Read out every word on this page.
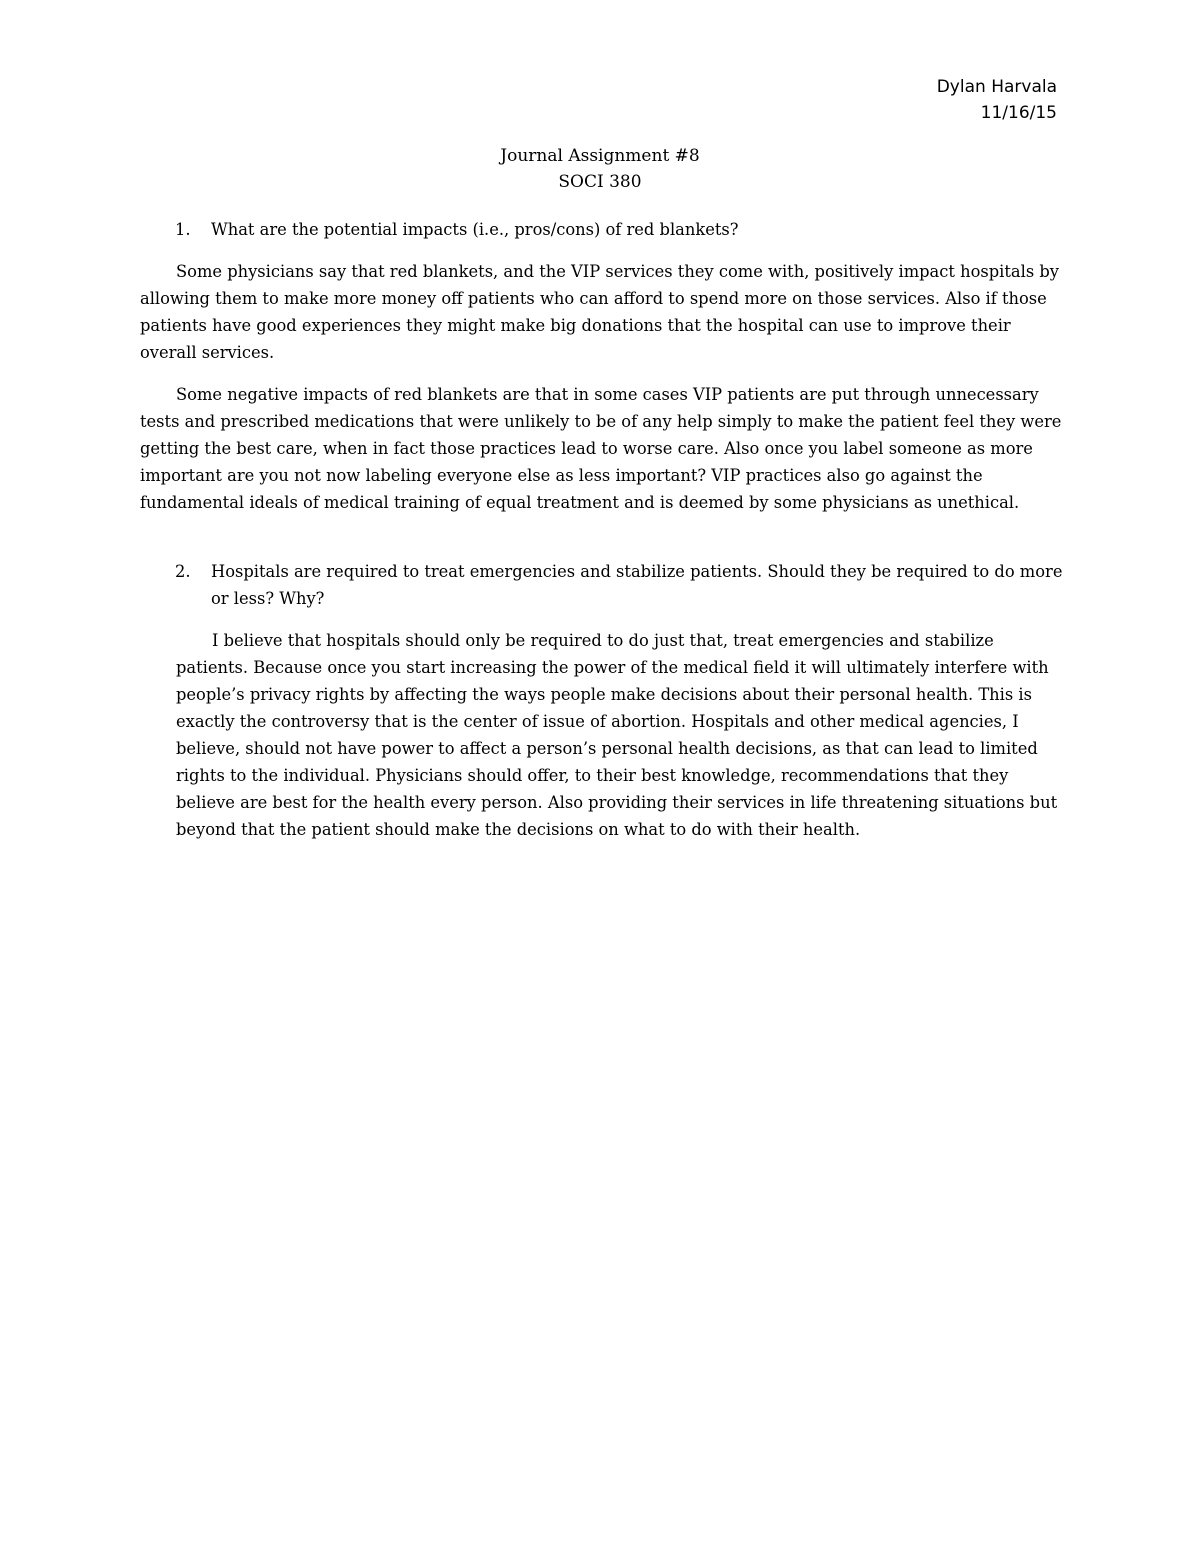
Dylan Harvala
11/16/15
Journal Assignment #8
SOCI 380
1. What are the potential impacts (i.e., pros/cons) of red blankets?

Some physicians say that red blankets, and the VIP services they come with, positively impact hospitals by allowing them to make more money off patients who can afford to spend more on those services. Also if those patients have good experiences they might make big donations that the hospital can use to improve their overall services.

Some negative impacts of red blankets are that in some cases VIP patients are put through unnecessary tests and prescribed medications that were unlikely to be of any help simply to make the patient feel they were getting the best care, when in fact those practices lead to worse care. Also once you label someone as more important are you not now labeling everyone else as less important? VIP practices also go against the fundamental ideals of medical training of equal treatment and is deemed by some physicians as unethical.

2. Hospitals are required to treat emergencies and stabilize patients. Should they be required to do more or less? Why?

I believe that hospitals should only be required to do just that, treat emergencies and stabilize patients. Because once you start increasing the power of the medical field it will ultimately interfere with people’s privacy rights by affecting the ways people make decisions about their personal health. This is exactly the controversy that is the center of issue of abortion. Hospitals and other medical agencies, I believe, should not have power to affect a person’s personal health decisions, as that can lead to limited rights to the individual. Physicians should offer, to their best knowledge, recommendations that they believe are best for the health every person. Also providing their services in life threatening situations but beyond that the patient should make the decisions on what to do with their health.
